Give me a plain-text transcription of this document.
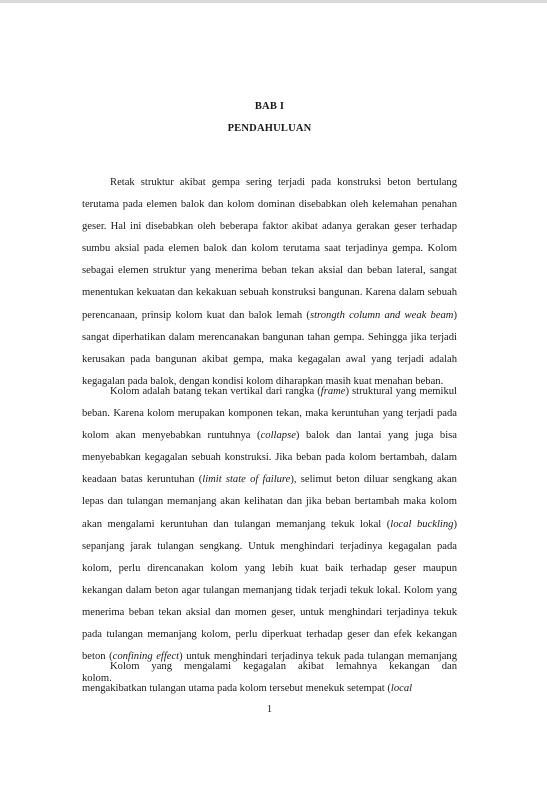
BAB I
PENDAHULUAN

Retak struktur akibat gempa sering terjadi pada konstruksi beton bertulang terutama pada elemen balok dan kolom dominan disebabkan oleh kelemahan penahan geser. Hal ini disebabkan oleh beberapa faktor akibat adanya gerakan geser terhadap sumbu aksial pada elemen balok dan kolom terutama saat terjadinya gempa. Kolom sebagai elemen struktur yang menerima beban tekan aksial dan beban lateral, sangat menentukan kekuatan dan kekakuan sebuah konstruksi bangunan. Karena dalam sebuah perencanaan, prinsip kolom kuat dan balok lemah (strongth column and weak beam) sangat diperhatikan dalam merencanakan bangunan tahan gempa. Sehingga jika terjadi kerusakan pada bangunan akibat gempa, maka kegagalan awal yang terjadi adalah kegagalan pada balok, dengan kondisi kolom diharapkan masih kuat menahan beban.

Kolom adalah batang tekan vertikal dari rangka (frame) struktural yang memikul beban. Karena kolom merupakan komponen tekan, maka keruntuhan yang terjadi pada kolom akan menyebabkan runtuhnya (collapse) balok dan lantai yang juga bisa menyebabkan kegagalan sebuah konstruksi. Jika beban pada kolom bertambah, dalam keadaan batas keruntuhan (limit state of failure), selimut beton diluar sengkang akan lepas dan tulangan memanjang akan kelihatan dan jika beban bertambah maka kolom akan mengalami keruntuhan dan tulangan memanjang tekuk lokal (local buckling) sepanjang jarak tulangan sengkang. Untuk menghindari terjadinya kegagalan pada kolom, perlu direncanakan kolom yang lebih kuat baik terhadap geser maupun kekangan dalam beton agar tulangan memanjang tidak terjadi tekuk lokal. Kolom yang menerima beban tekan aksial dan momen geser, untuk menghindari terjadinya tekuk pada tulangan memanjang kolom, perlu diperkuat terhadap geser dan efek kekangan beton (confining effect) untuk menghindari terjadinya tekuk pada tulangan memanjang kolom.

Kolom yang mengalami kegagalan akibat lemahnya kekangan dan mengakibatkan tulangan utama pada kolom tersebut menekuk setempat (local

1
